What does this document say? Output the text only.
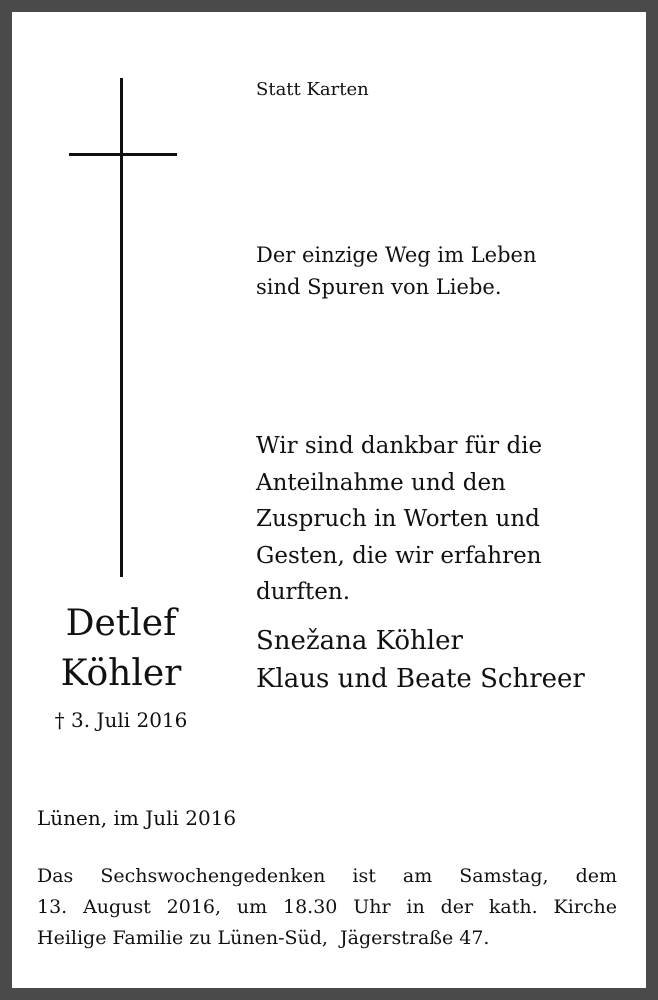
Statt Karten
Der einzige Weg im Leben
sind Spuren von Liebe.
Wir sind dankbar für die
Anteilnahme und den
Zuspruch in Worten und
Gesten, die wir erfahren
durften.
Snežana Köhler
Klaus und Beate Schreer
Detlef
Köhler
† 3. Juli 2016
Lünen, im Juli 2016
Das Sechswochengedenken ist am Samstag, dem
13. August 2016, um 18.30 Uhr in der kath. Kirche
Heilige Familie zu Lünen-Süd,  Jägerstraße 47.
